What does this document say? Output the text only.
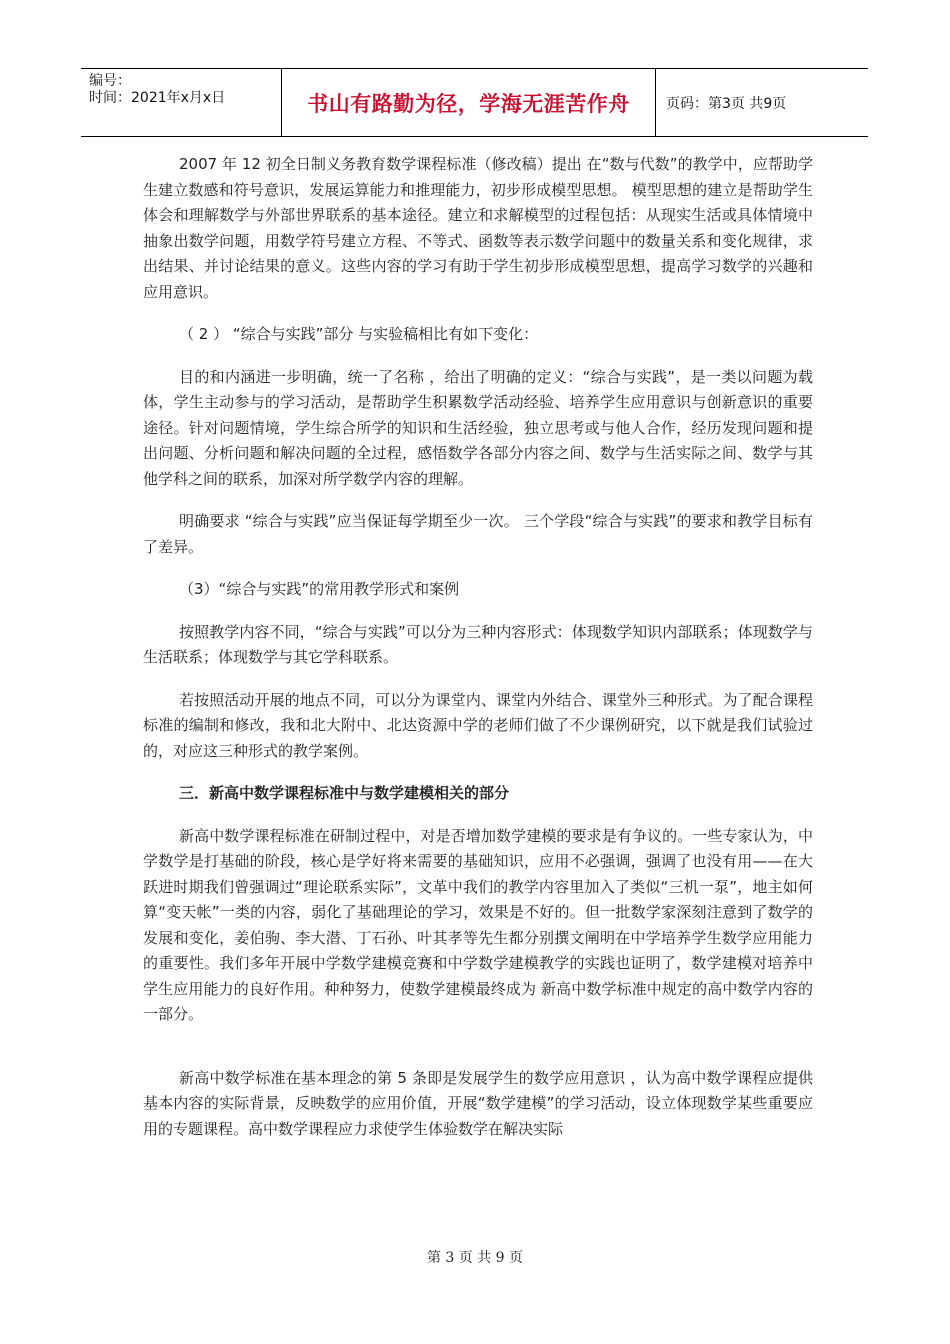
编号：
时间：2021年x月x日	书山有路勤为径，学海无涯苦作舟	页码：第3页 共9页

2007 年 12 初全日制义务教育数学课程标准（修改稿）提出 在“数与代数”的教学中，应帮助学生建立数感和符号意识，发展运算能力和推理能力，初步形成模型思想。 模型思想的建立是帮助学生体会和理解数学与外部世界联系的基本途径。建立和求解模型的过程包括：从现实生活或具体情境中抽象出数学问题，用数学符号建立方程、不等式、函数等表示数学问题中的数量关系和变化规律，求出结果、并讨论结果的意义。这些内容的学习有助于学生初步形成模型思想，提高学习数学的兴趣和应用意识。

（ 2 ） “综合与实践”部分 与实验稿相比有如下变化：

目的和内涵进一步明确，统一了名称 ，给出了明确的定义：“综合与实践”，是一类以问题为载体，学生主动参与的学习活动，是帮助学生积累数学活动经验、培养学生应用意识与创新意识的重要途径。针对问题情境，学生综合所学的知识和生活经验，独立思考或与他人合作，经历发现问题和提出问题、分析问题和解决问题的全过程，感悟数学各部分内容之间、数学与生活实际之间、数学与其他学科之间的联系，加深对所学数学内容的理解。

明确要求 “综合与实践”应当保证每学期至少一次。 三个学段“综合与实践”的要求和教学目标有了差异。

（3）“综合与实践”的常用教学形式和案例

按照教学内容不同，“综合与实践”可以分为三种内容形式：体现数学知识内部联系；体现数学与生活联系；体现数学与其它学科联系。

若按照活动开展的地点不同，可以分为课堂内、课堂内外结合、课堂外三种形式。为了配合课程标准的编制和修改，我和北大附中、北达资源中学的老师们做了不少课例研究，以下就是我们试验过的，对应这三种形式的教学案例。

三．新高中数学课程标准中与数学建模相关的部分

新高中数学课程标准在研制过程中，对是否增加数学建模的要求是有争议的。一些专家认为，中学数学是打基础的阶段，核心是学好将来需要的基础知识，应用不必强调，强调了也没有用——在大跃进时期我们曾强调过“理论联系实际”，文革中我们的教学内容里加入了类似“三机一泵”，地主如何算“变天帐”一类的内容，弱化了基础理论的学习，效果是不好的。但一批数学家深刻注意到了数学的发展和变化，姜伯驹、李大潜、丁石孙、叶其孝等先生都分别撰文阐明在中学培养学生数学应用能力的重要性。我们多年开展中学数学建模竞赛和中学数学建模教学的实践也证明了，数学建模对培养中学生应用能力的良好作用。种种努力，使数学建模最终成为 新高中数学标准中规定的高中数学内容的一部分。

新高中数学标准在基本理念的第 5 条即是发展学生的数学应用意识 ，认为高中数学课程应提供基本内容的实际背景，反映数学的应用价值，开展“数学建模”的学习活动，设立体现数学某些重要应用的专题课程。高中数学课程应力求使学生体验数学在解决实际

第 3 页 共 9 页
